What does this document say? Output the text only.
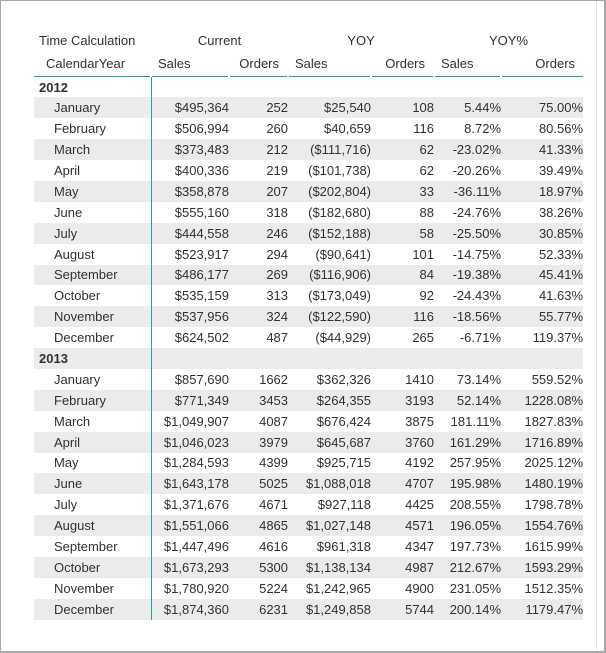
Time Calculation	Current		YOY		YOY%	
CalendarYear	Sales	Orders	Sales	Orders	Sales	Orders
2012						
January	$495,364	252	$25,540	108	5.44%	75.00%
February	$506,994	260	$40,659	116	8.72%	80.56%
March	$373,483	212	($111,716)	62	-23.02%	41.33%
April	$400,336	219	($101,738)	62	-20.26%	39.49%
May	$358,878	207	($202,804)	33	-36.11%	18.97%
June	$555,160	318	($182,680)	88	-24.76%	38.26%
July	$444,558	246	($152,188)	58	-25.50%	30.85%
August	$523,917	294	($90,641)	101	-14.75%	52.33%
September	$486,177	269	($116,906)	84	-19.38%	45.41%
October	$535,159	313	($173,049)	92	-24.43%	41.63%
November	$537,956	324	($122,590)	116	-18.56%	55.77%
December	$624,502	487	($44,929)	265	-6.71%	119.37%
2013						
January	$857,690	1662	$362,326	1410	73.14%	559.52%
February	$771,349	3453	$264,355	3193	52.14%	1228.08%
March	$1,049,907	4087	$676,424	3875	181.11%	1827.83%
April	$1,046,023	3979	$645,687	3760	161.29%	1716.89%
May	$1,284,593	4399	$925,715	4192	257.95%	2025.12%
June	$1,643,178	5025	$1,088,018	4707	195.98%	1480.19%
July	$1,371,676	4671	$927,118	4425	208.55%	1798.78%
August	$1,551,066	4865	$1,027,148	4571	196.05%	1554.76%
September	$1,447,496	4616	$961,318	4347	197.73%	1615.99%
October	$1,673,293	5300	$1,138,134	4987	212.67%	1593.29%
November	$1,780,920	5224	$1,242,965	4900	231.05%	1512.35%
December	$1,874,360	6231	$1,249,858	5744	200.14%	1179.47%
